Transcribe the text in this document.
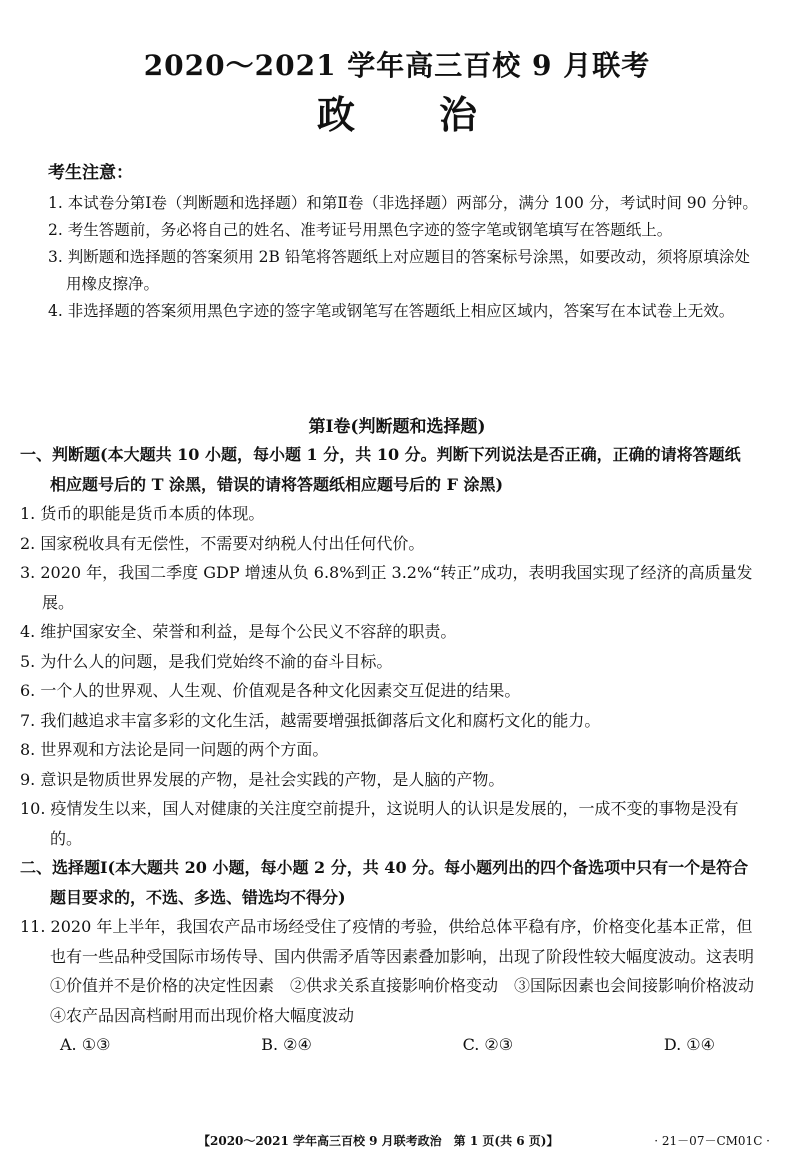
2020～2021 学年高三百校 9 月联考
政治
考生注意：
1. 本试卷分第Ⅰ卷（判断题和选择题）和第Ⅱ卷（非选择题）两部分，满分 100 分，考试时间 90 分钟。
2. 考生答题前，务必将自己的姓名、准考证号用黑色字迹的签字笔或钢笔填写在答题纸上。
3. 判断题和选择题的答案须用 2B 铅笔将答题纸上对应题目的答案标号涂黑，如要改动，须将原填涂处用橡皮擦净。
4. 非选择题的答案须用黑色字迹的签字笔或钢笔写在答题纸上相应区域内，答案写在本试卷上无效。
第Ⅰ卷(判断题和选择题)
一、判断题(本大题共 10 小题，每小题 1 分，共 10 分。判断下列说法是否正确，正确的请将答题纸相应题号后的 T 涂黑，错误的请将答题纸相应题号后的 F 涂黑)
1. 货币的职能是货币本质的体现。
2. 国家税收具有无偿性，不需要对纳税人付出任何代价。
3. 2020 年，我国二季度 GDP 增速从负 6.8%到正 3.2%“转正”成功，表明我国实现了经济的高质量发展。
4. 维护国家安全、荣誉和利益，是每个公民义不容辞的职责。
5. 为什么人的问题，是我们党始终不渝的奋斗目标。
6. 一个人的世界观、人生观、价值观是各种文化因素交互促进的结果。
7. 我们越追求丰富多彩的文化生活，越需要增强抵御落后文化和腐朽文化的能力。
8. 世界观和方法论是同一问题的两个方面。
9. 意识是物质世界发展的产物，是社会实践的产物，是人脑的产物。
10. 疫情发生以来，国人对健康的关注度空前提升，这说明人的认识是发展的，一成不变的事物是没有的。
二、选择题Ⅰ(本大题共 20 小题，每小题 2 分，共 40 分。每小题列出的四个备选项中只有一个是符合题目要求的，不选、多选、错选均不得分)
11. 2020 年上半年，我国农产品市场经受住了疫情的考验，供给总体平稳有序，价格变化基本正常，但也有一些品种受国际市场传导、国内供需矛盾等因素叠加影响，出现了阶段性较大幅度波动。这表明
①价值并不是价格的决定性因素　②供求关系直接影响价格变动　③国际因素也会间接影响价格波动　④农产品因高档耐用而出现价格大幅度波动
A. ①③	B. ②④	C. ②③	D. ①④
【2020～2021 学年高三百校 9 月联考政治　第 1 页(共 6 页)】	· 21－07－CM01C ·
